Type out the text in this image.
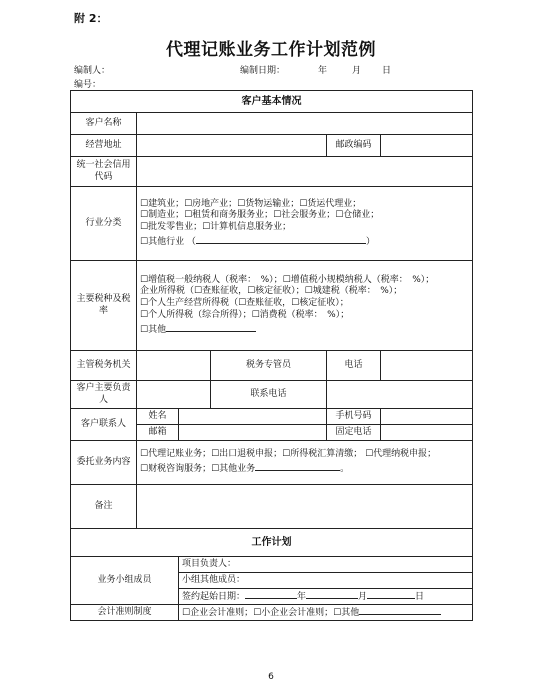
附 2：
代理记账业务工作计划范例
编制人：	编制日期：	年	月 日
编号：
客户基本情况					
客户名称					
经营地址				邮政编码	
统一社会信用代码					
行业分类	☐建筑业；☐房地产业；☐货物运输业；☐货运代理业；
☐制造业；☐租赁和商务服务业；☐社会服务业；☐仓储业；
☐批发零售业；☐计算机信息服务业；
☐其他行业 （ ）				

主要税种及税率	☐增值税一般纳税人（税率：　%）；☐增值税小规模纳税人（税率：　%）；
企业所得税（☐查账征收，☐核定征收）；☐城建税（税率：　%）；
☐个人生产经营所得税（☐查账征收，☐核定征收）；
☐个人所得税（综合所得）；☐消费税（税率：　%）；
☐其他				

主管税务机关			税务专管员	电话	
客户主要负责人			联系电话		
客户联系人	姓名			手机号码	
	邮箱			固定电话	
委托业务内容	☐代理记账业务；☐出口退税申报；☐所得税汇算清缴； ☐代理纳税申报；
☐财税咨询服务；☐其他业务 。				

备注					
工作计划					
业务小组成员		项目负责人：			
		小组其他成员：			

		签约起始日期： 年 月 日			

会计准则制度		☐企业会计准则；☐小企业会计准则；☐其他			
6
